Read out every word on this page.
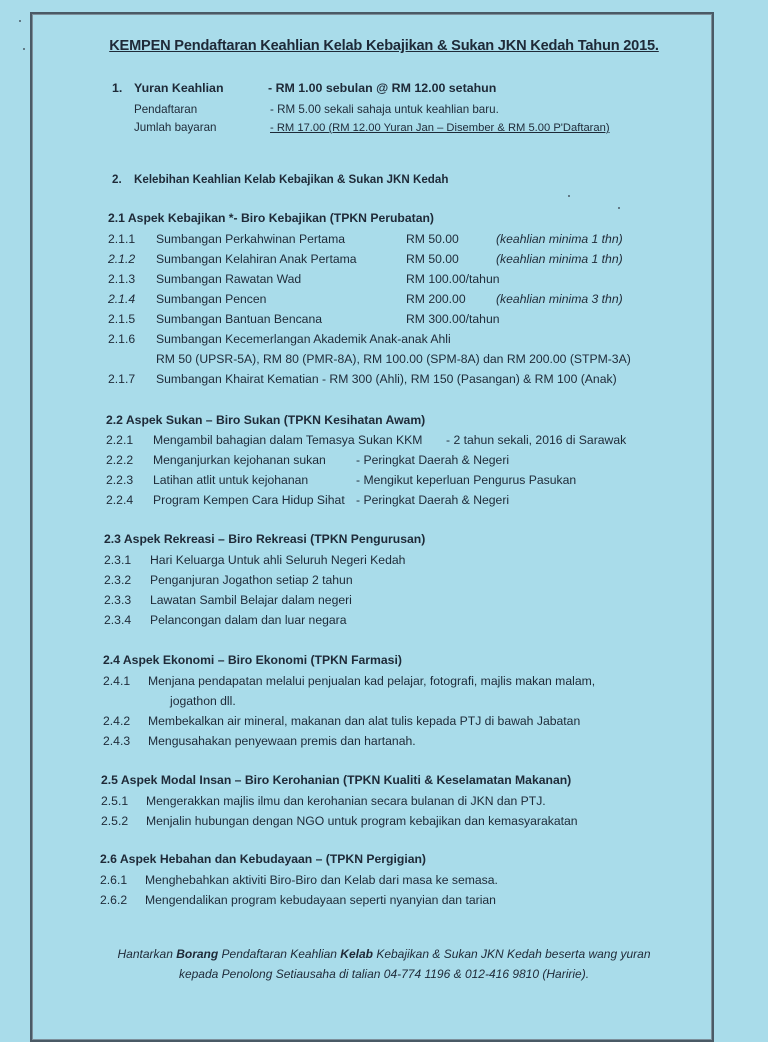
KEMPEN Pendaftaran Keahlian Kelab Kebajikan & Sukan JKN Kedah Tahun 2015.
1. Yuran Keahlian	- RM 1.00 sebulan @ RM 12.00 setahun
Pendaftaran	- RM 5.00 sekali sahaja untuk keahlian baru.
Jumlah bayaran	- RM 17.00 (RM 12.00 Yuran Jan – Disember & RM 5.00 P'Daftaran)
2. Kelebihan Keahlian Kelab Kebajikan & Sukan JKN Kedah
2.1 Aspek Kebajikan *- Biro Kebajikan (TPKN Perubatan)
2.1.1 Sumbangan Perkahwinan Pertama	RM 50.00	(keahlian minima 1 thn)
2.1.2 Sumbangan Kelahiran Anak Pertama	RM 50.00	(keahlian minima 1 thn)
2.1.3 Sumbangan Rawatan Wad	RM 100.00/tahun
2.1.4 Sumbangan Pencen	RM 200.00 (keahlian minima 3 thn)
2.1.5 Sumbangan Bantuan Bencana	RM 300.00/tahun
2.1.6 Sumbangan Kecemerlangan Akademik Anak-anak Ahli
RM 50 (UPSR-5A), RM 80 (PMR-8A), RM 100.00 (SPM-8A) dan RM 200.00 (STPM-3A)
2.1.7 Sumbangan Khairat Kematian - RM 300 (Ahli), RM 150 (Pasangan) & RM 100 (Anak)
2.2 Aspek Sukan – Biro Sukan (TPKN Kesihatan Awam)
2.2.1 Mengambil bahagian dalam Temasya Sukan KKM - 2 tahun sekali, 2016 di Sarawak
2.2.2 Menganjurkan kejohanan sukan - Peringkat Daerah & Negeri
2.2.3 Latihan atlit untuk kejohanan	- Mengikut keperluan Pengurus Pasukan
2.2.4 Program Kempen Cara Hidup Sihat - Peringkat Daerah & Negeri
2.3 Aspek Rekreasi – Biro Rekreasi (TPKN Pengurusan)
2.3.1 Hari Keluarga Untuk ahli Seluruh Negeri Kedah
2.3.2 Penganjuran Jogathon setiap 2 tahun
2.3.3 Lawatan Sambil Belajar dalam negeri
2.3.4 Pelancongan dalam dan luar negara
2.4 Aspek Ekonomi – Biro Ekonomi (TPKN Farmasi)
2.4.1 Menjana pendapatan melalui penjualan kad pelajar, fotografi, majlis makan malam,
jogathon dll.
2.4.2 Membekalkan air mineral, makanan dan alat tulis kepada PTJ di bawah Jabatan
2.4.3 Mengusahakan penyewaan premis dan hartanah.
2.5 Aspek Modal Insan – Biro Kerohanian (TPKN Kualiti & Keselamatan Makanan)
2.5.1 Mengerakkan majlis ilmu dan kerohanian secara bulanan di JKN dan PTJ.
2.5.2 Menjalin hubungan dengan NGO untuk program kebajikan dan kemasyarakatan
2.6 Aspek Hebahan dan Kebudayaan – (TPKN Pergigian)
2.6.1 Menghebahkan aktiviti Biro-Biro dan Kelab dari masa ke semasa.
2.6.2 Mengendalikan program kebudayaan seperti nyanyian dan tarian
Hantarkan Borang Pendaftaran Keahlian Kelab Kebajikan & Sukan JKN Kedah beserta wang yuran
kepada Penolong Setiausaha di talian 04-774 1196 & 012-416 9810 (Haririe).
